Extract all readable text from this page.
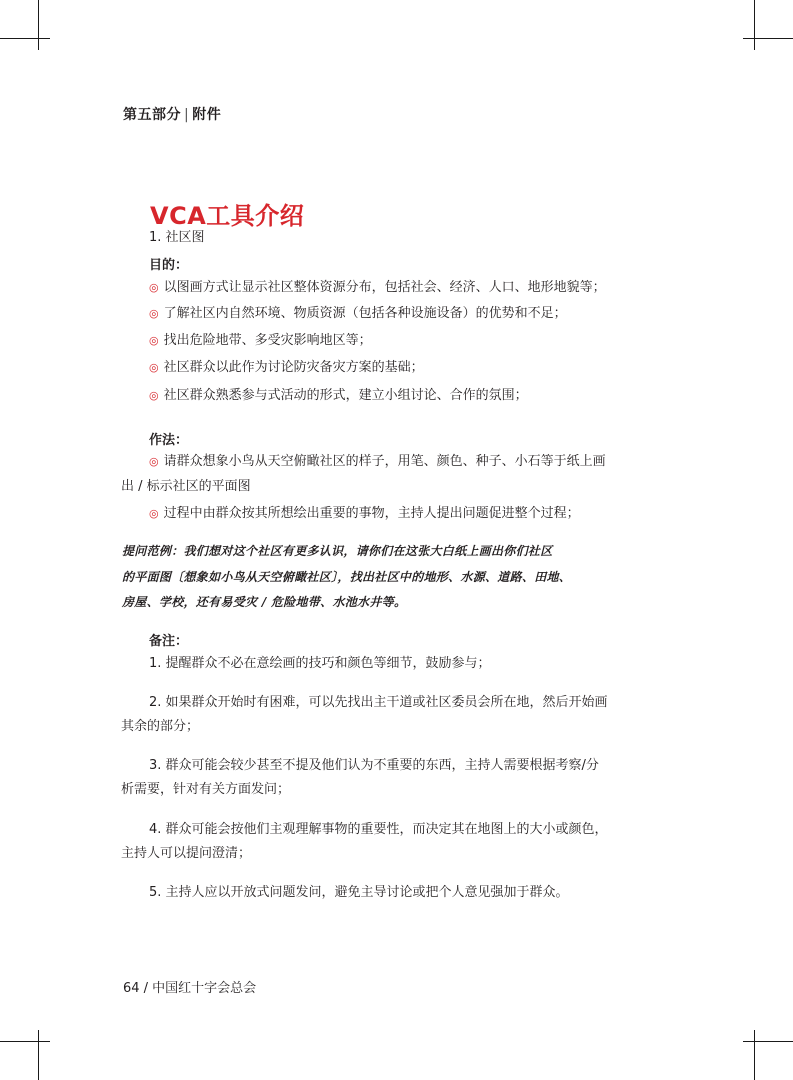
第五部分 | 附件
VCA工具介绍
1. 社区图
目的：
◎ 以图画方式让显示社区整体资源分布，包括社会、经济、人口、地形地貌等；
◎ 了解社区内自然环境、物质资源（包括各种设施设备）的优势和不足；
◎ 找出危险地带、多受灾影响地区等；
◎ 社区群众以此作为讨论防灾备灾方案的基础；
◎ 社区群众熟悉参与式活动的形式，建立小组讨论、合作的氛围；
作法：
◎ 请群众想象小鸟从天空俯瞰社区的样子，用笔、颜色、种子、小石等于纸上画
出 / 标示社区的平面图
◎ 过程中由群众按其所想绘出重要的事物，主持人提出问题促进整个过程；
提问范例：我们想对这个社区有更多认识，请你们在这张大白纸上画出你们社区
的平面图〔想象如小鸟从天空俯瞰社区〕，找出社区中的地形、水源、道路、田地、
房屋、学校，还有易受灾 / 危险地带、水池水井等。
备注：
1. 提醒群众不必在意绘画的技巧和颜色等细节，鼓励参与；
2. 如果群众开始时有困难，可以先找出主干道或社区委员会所在地，然后开始画
其余的部分；
3. 群众可能会较少甚至不提及他们认为不重要的东西，主持人需要根据考察/分
析需要，针对有关方面发问；
4. 群众可能会按他们主观理解事物的重要性，而决定其在地图上的大小或颜色，
主持人可以提问澄清；
5. 主持人应以开放式问题发问，避免主导讨论或把个人意见强加于群众。
64 / 中国红十字会总会
